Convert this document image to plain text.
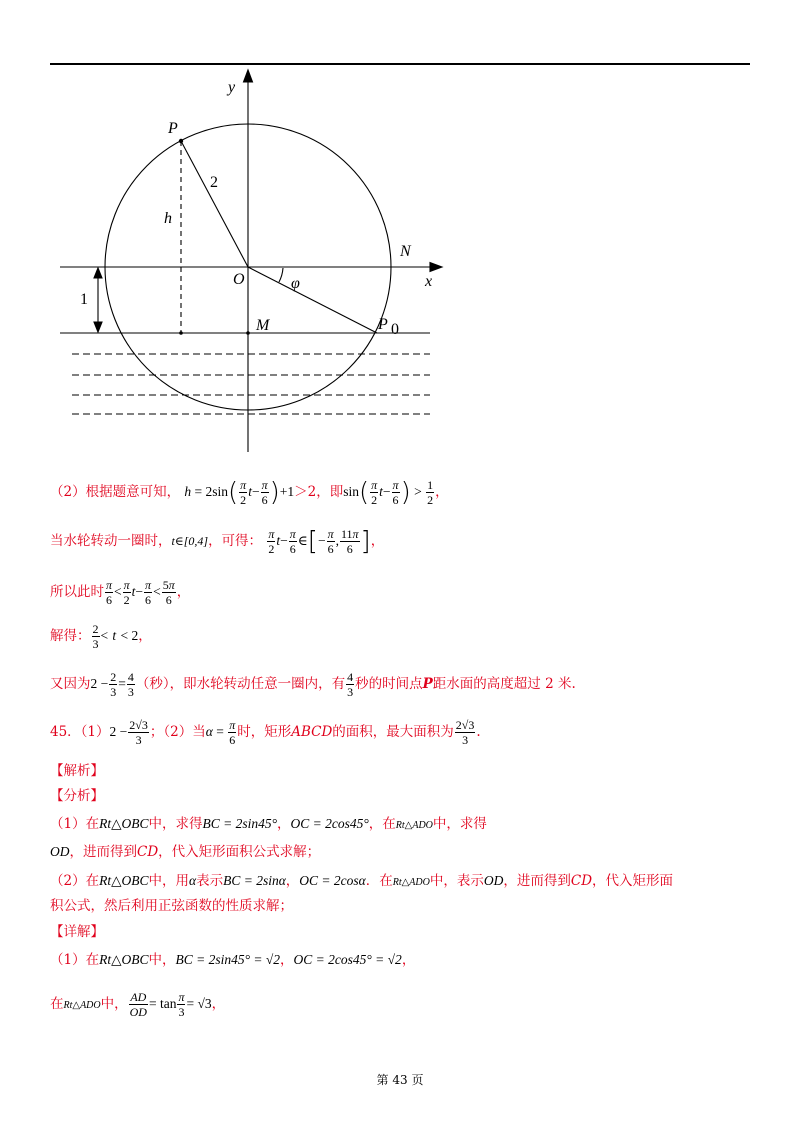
y
x
P
2
h
N
O	φ
1
M	P 0
（2）根据题意可知， $h = 2\sin( \frac{\pi}{2} t- \frac{\pi}{6} )+1>2$，即$\sin( \frac{\pi}{2} t- \frac{\pi}{6}$ ) > $\frac{1}{2}$ ，
当水轮转动一圈时，t∈[0,4]，可得： $\frac{\pi}{2} t- \frac{\pi}{6}$ ∈[− $\frac{\pi}{6}$ , $\frac{11\pi}{6}$ ]，
所以此时 $\frac{\pi}{6} < \frac{\pi}{2} t- \frac{\pi}{6} < \frac{5\pi}{6}$ ，
解得： $\frac{2}{3} < t < 2$，
又因为$2 - \frac{2}{3} = \frac{4}{3}$ （秒），即水轮转动任意一圈内，有 $\frac{4}{3}$ 秒的时间点P距水面的高度超过 2 米.
45．$(1)2 - \frac{2√3}{3}$ ；（2）当$\alpha = \frac{\pi}{6}$ 时，矩形ABCD的面积，最大面积为 $\frac{2√3}{3}$ .
【解析】
【分析】
（1）在Rt△OBC中，求得BC = 2sin45°，OC = 2cos45°，在Rt△ADO中，求得
OD，进而得到CD，代入矩形面积公式求解；
（2）在Rt△OBC中，用α表示BC = 2sinα，OC = 2cosα．在Rt△ADO中，表示OD，进而得到CD，代入矩形面
积公式，然后利用正弦函数的性质求解；
【详解】
（1）在Rt△OBC中，BC = 2sin45° = √2，OC = 2cos45° = √2，
在Rt△ADO中， $\frac{AD}{OD} = \tan \frac{\pi}{3} = √3$，
第 43 页
